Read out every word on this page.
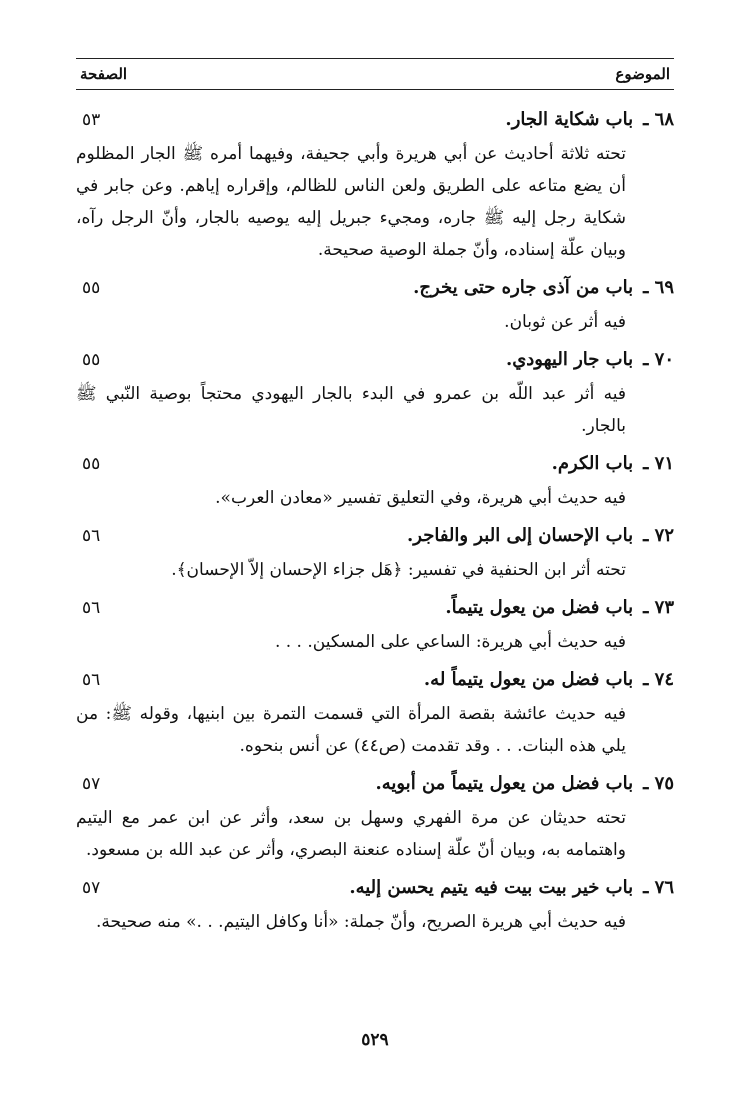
الموضوع
الصفحة
٦٨ ـ
باب شكاية الجار.
٥٣
تحته ثلاثة أحاديث عن أبي هريرة وأبي جحيفة، وفيهما أمره ﷺ الجار المظلوم أن يضع متاعه على الطريق ولعن الناس للظالم، وإقراره إياهم. وعن جابر في شكاية رجل إليه ﷺ جاره، ومجيء جبريل إليه يوصيه بالجار، وأنّ الرجل رآه، وبيان علّة إسناده، وأنّ جملة الوصية صحيحة.
٦٩ ـ
باب من آذى جاره حتى يخرج.
٥٥
فيه أثر عن ثوبان.
٧٠ ـ
باب جار اليهودي.
٥٥
فيه أثر عبد اللّه بن عمرو في البدء بالجار اليهودي محتجاً بوصية النّبي ﷺ بالجار.
٧١ ـ
باب الكرم.
٥٥
فيه حديث أبي هريرة، وفي التعليق تفسير «معادن العرب».
٧٢ ـ
باب الإحسان إلى البر والفاجر.
٥٦
تحته أثر ابن الحنفية في تفسير: ﴿هَل جزاء الإحسان إلاّ الإحسان﴾.
٧٣ ـ
باب فضل من يعول يتيماً.
٥٦
فيه حديث أبي هريرة: الساعي على المسكين. . . .
٧٤ ـ
باب فضل من يعول يتيماً له.
٥٦
فيه حديث عائشة بقصة المرأة التي قسمت التمرة بين ابنيها، وقوله ﷺ: من يلي هذه البنات. . . وقد تقدمت (ص٤٤) عن أنس بنحوه.
٧٥ ـ
باب فضل من يعول يتيماً من أبويه.
٥٧
تحته حديثان عن مرة الفهري وسهل بن سعد، وأثر عن ابن عمر مع اليتيم واهتمامه به، وبيان أنّ علّة إسناده عنعنة البصري، وأثر عن عبد الله بن مسعود.
٧٦ ـ
باب خير بيت بيت فيه يتيم يحسن إليه.
٥٧
فيه حديث أبي هريرة الصريح، وأنّ جملة: «أنا وكافل اليتيم. . .» منه صحيحة.
٥٢٩
